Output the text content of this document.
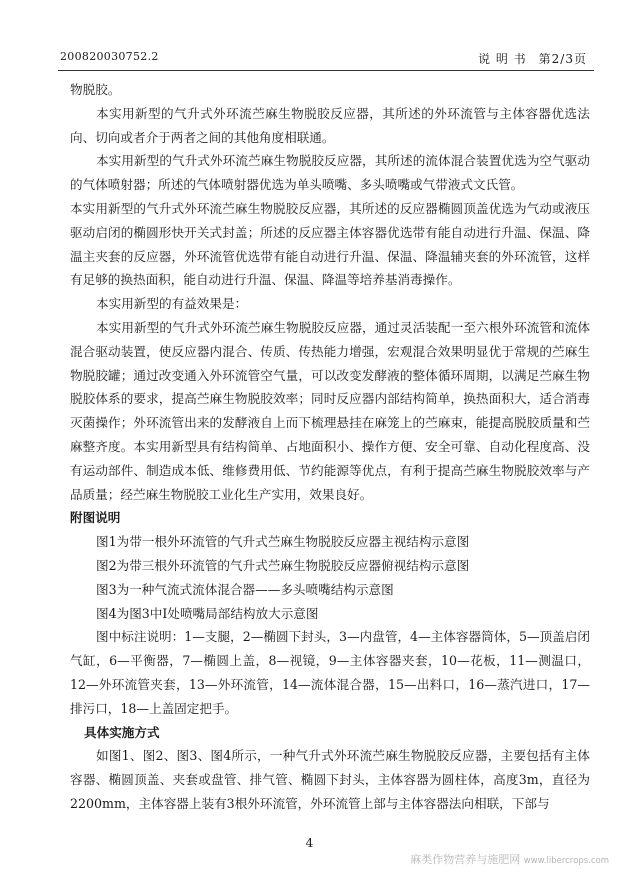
200820030752.2	说 明 书 第2/3页

物脱胶。

本实用新型的气升式外环流苎麻生物脱胶反应器，其所述的外环流管与主体容器优选法向、切向或者介于两者之间的其他角度相联通。

本实用新型的气升式外环流苎麻生物脱胶反应器，其所述的流体混合装置优选为空气驱动的气体喷射器；所述的气体喷射器优选为单头喷嘴、多头喷嘴或气带液式文氏管。

本实用新型的气升式外环流苎麻生物脱胶反应器，其所述的反应器椭圆顶盖优选为气动或液压驱动启闭的椭圆形快开关式封盖；所述的反应器主体容器优选带有能自动进行升温、保温、降温主夹套的反应器，外环流管优选带有能自动进行升温、保温、降温辅夹套的外环流管，这样有足够的换热面积，能自动进行升温、保温、降温等培养基消毒操作。

本实用新型的有益效果是：

本实用新型的气升式外环流苎麻生物脱胶反应器，通过灵活装配一至六根外环流管和流体混合驱动装置，使反应器内混合、传质、传热能力增强，宏观混合效果明显优于常规的苎麻生物脱胶罐；通过改变通入外环流管空气量，可以改变发酵液的整体循环周期，以满足苎麻生物脱胶体系的要求，提高苎麻生物脱胶效率；同时反应器内部结构简单，换热面积大，适合消毒灭菌操作；外环流管出来的发酵液自上而下梳理悬挂在麻笼上的苎麻束，能提高脱胶质量和苎麻整齐度。本实用新型具有结构简单、占地面积小、操作方便、安全可靠、自动化程度高、没有运动部件、制造成本低、维修费用低、节约能源等优点，有利于提高苎麻生物脱胶效率与产品质量；经苎麻生物脱胶工业化生产实用，效果良好。

附图说明

图1为带一根外环流管的气升式苎麻生物脱胶反应器主视结构示意图

图2为带三根外环流管的气升式苎麻生物脱胶反应器俯视结构示意图

图3为一种气流式流体混合器——多头喷嘴结构示意图

图4为图3中I处喷嘴局部结构放大示意图

图中标注说明：1—支腿，2—椭圆下封头，3—内盘管，4—主体容器筒体，5—顶盖启闭气缸，6—平衡器，7—椭圆上盖，8—视镜，9—主体容器夹套，10—花板，11—测温口，12—外环流管夹套，13—外环流管，14—流体混合器，15—出料口，16—蒸汽进口，17—排污口，18—上盖固定把手。

具体实施方式

如图1、图2、图3、图4所示，一种气升式外环流苎麻生物脱胶反应器，主要包括有主体容器、椭圆顶盖、夹套或盘管、排气管、椭圆下封头，主体容器为圆柱体，高度3m，直径为2200mm，主体容器上装有3根外环流管，外环流管上部与主体容器法向相联，下部与

4
麻类作物营养与施肥网 www.libercrops.com
